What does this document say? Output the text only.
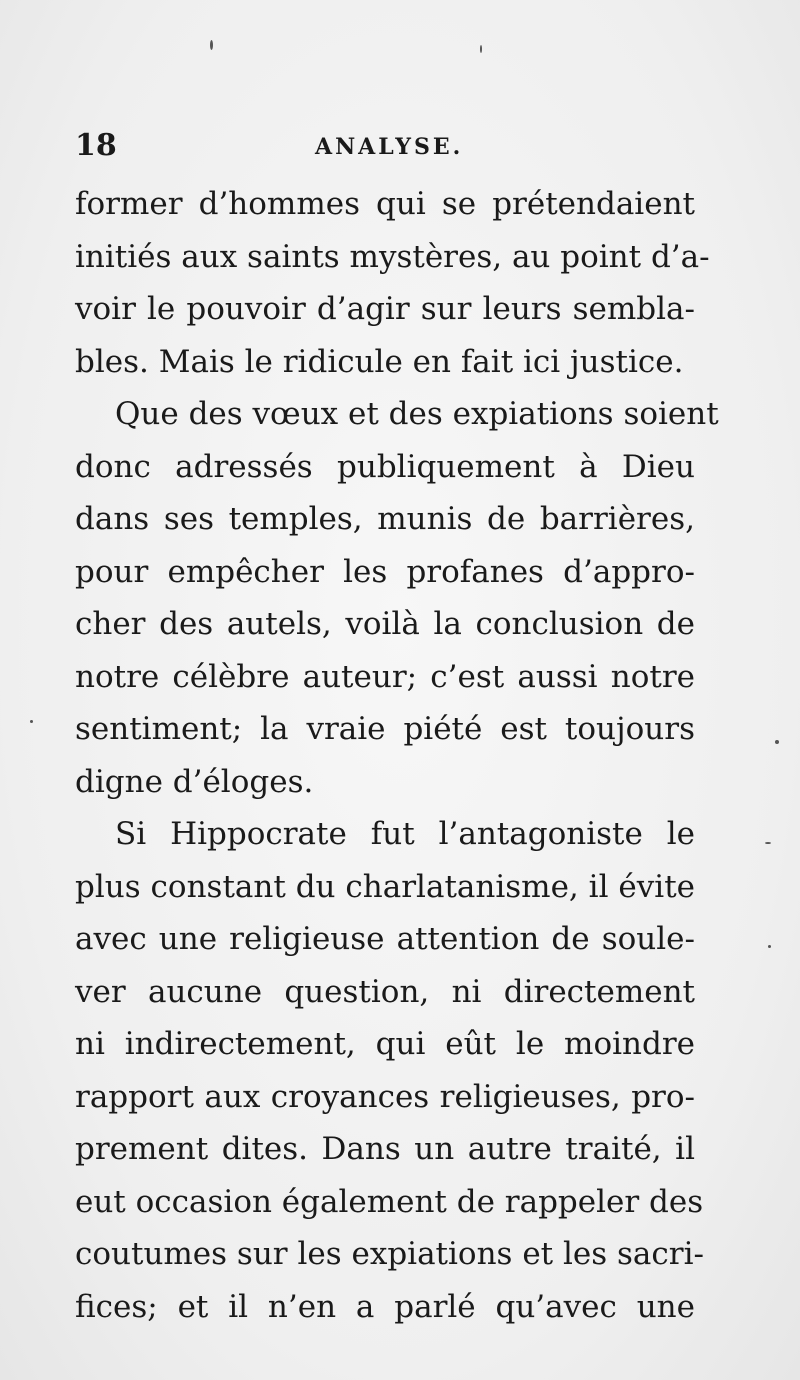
18	ANALYSE.
former d’hommes qui se prétendaient
initiés aux saints mystères, au point d’a-
voir le pouvoir d’agir sur leurs sembla-
bles. Mais le ridicule en fait ici justice.
Que des vœux et des expiations soient
donc adressés publiquement à Dieu
dans ses temples, munis de barrières,
pour empêcher les profanes d’appro-
cher des autels, voilà la conclusion de
notre célèbre auteur; c’est aussi notre
sentiment; la vraie piété est toujours
digne d’éloges.
Si Hippocrate fut l’antagoniste le
plus constant du charlatanisme, il évite
avec une religieuse attention de soule-
ver aucune question, ni directement
ni indirectement, qui eût le moindre
rapport aux croyances religieuses, pro-
prement dites. Dans un autre traité, il
eut occasion également de rappeler des
coutumes sur les expiations et les sacri-
fices; et il n’en a parlé qu’avec une
